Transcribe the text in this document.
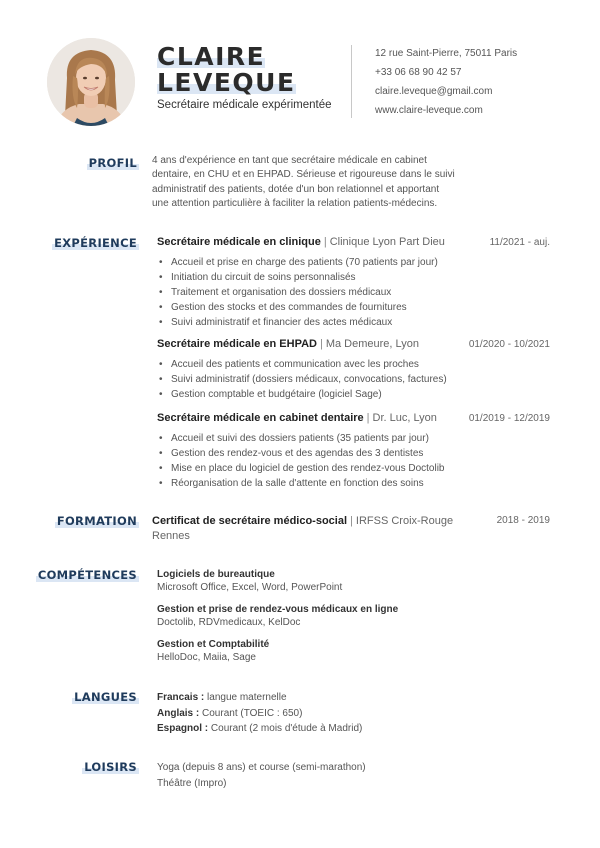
CLAIRE
LEVEQUE
Secrétaire médicale expérimentée
12 rue Saint-Pierre, 75011 Paris
+33 06 68 90 42 57
claire.leveque@gmail.com
www.claire-leveque.com
PROFIL 4 ans d'expérience en tant que secrétaire médicale en cabinet
dentaire, en CHU et en EHPAD. Sérieuse et rigoureuse dans le suivi
administratif des patients, dotée d'un bon relationnel et apportant
une attention particulière à faciliter la relation patients-médecins.
EXPÉRIENCE Secrétaire médicale en clinique | Clinique Lyon Part Dieu	11/2021 - auj.
• Accueil et prise en charge des patients (70 patients par jour)
• Initiation du circuit de soins personnalisés
• Traitement et organisation des dossiers médicaux
• Gestion des stocks et des commandes de fournitures
• Suivi administratif et financier des actes médicaux
Secrétaire médicale en EHPAD | Ma Demeure, Lyon	01/2020 - 10/2021
• Accueil des patients et communication avec les proches
• Suivi administratif (dossiers médicaux, convocations, factures)
• Gestion comptable et budgétaire (logiciel Sage)
Secrétaire médicale en cabinet dentaire | Dr. Luc, Lyon	01/2019 - 12/2019
• Accueil et suivi des dossiers patients (35 patients par jour)
• Gestion des rendez-vous et des agendas des 3 dentistes
• Mise en place du logiciel de gestion des rendez-vous Doctolib
• Réorganisation de la salle d'attente en fonction des soins
FORMATION Certificat de secrétaire médico-social | IRFSS Croix-Rouge
Rennes
2018 - 2019
COMPÉTENCES Logiciels de bureautique
Microsoft Office, Excel, Word, PowerPoint
Gestion et prise de rendez-vous médicaux en ligne
Doctolib, RDVmedicaux, KelDoc
Gestion et Comptabilité
HelloDoc, Maiia, Sage
LANGUES Francais : langue maternelle
Anglais : Courant (TOEIC : 650)
Espagnol : Courant (2 mois d'étude à Madrid)
LOISIRS Yoga (depuis 8 ans) et course (semi-marathon)
Théâtre (Impro)
